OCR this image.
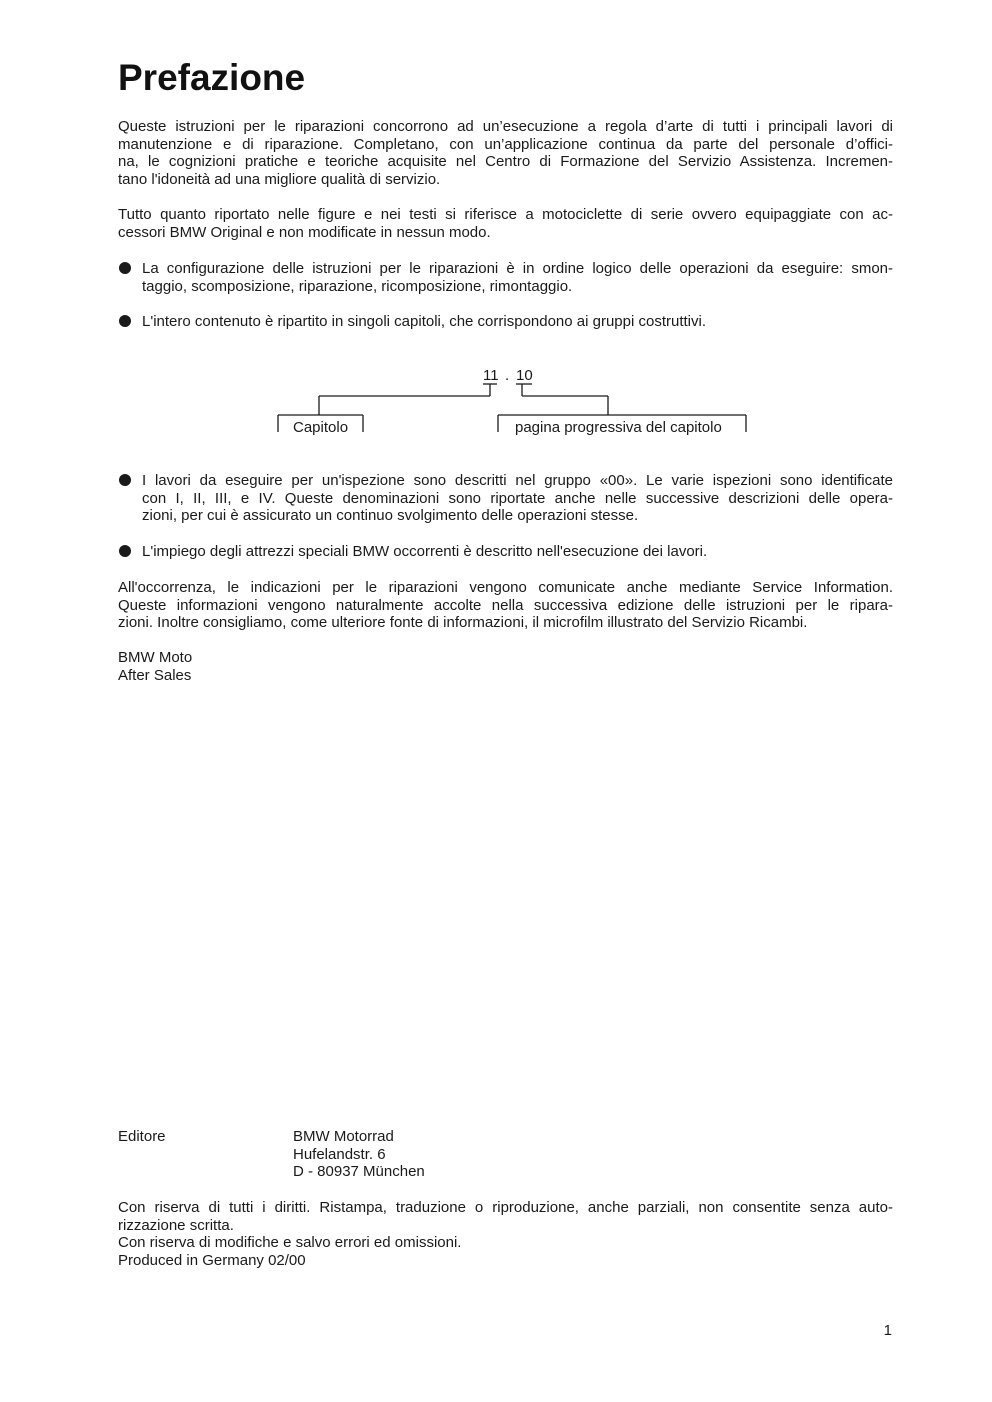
Prefazione
Queste istruzioni per le riparazioni concorrono ad un’esecuzione a regola d’arte di tutti i principali lavori di
manutenzione e di riparazione. Completano, con un’applicazione continua da parte del personale d’offici-
na, le cognizioni pratiche e teoriche acquisite nel Centro di Formazione del Servizio Assistenza. Incremen-
tano l'idoneità ad una migliore qualità di servizio.
Tutto quanto riportato nelle figure e nei testi si riferisce a motociclette di serie ovvero equipaggiate con ac-
cessori BMW Original e non modificate in nessun modo.
La configurazione delle istruzioni per le riparazioni è in ordine logico delle operazioni da eseguire: smon-
taggio, scomposizione, riparazione, ricomposizione, rimontaggio.
L'intero contenuto è ripartito in singoli capitoli, che corrispondono ai gruppi costruttivi.
11 . 10
Capitolo	pagina progressiva del capitolo
I lavori da eseguire per un'ispezione sono descritti nel gruppo «00». Le varie ispezioni sono identificate
con I, II, III, e IV. Queste denominazioni sono riportate anche nelle successive descrizioni delle opera-
zioni, per cui è assicurato un continuo svolgimento delle operazioni stesse.
L'impiego degli attrezzi speciali BMW occorrenti è descritto nell'esecuzione dei lavori.
All'occorrenza, le indicazioni per le riparazioni vengono comunicate anche mediante Service Information.
Queste informazioni vengono naturalmente accolte nella successiva edizione delle istruzioni per le ripara-
zioni. Inoltre consigliamo, come ulteriore fonte di informazioni, il microfilm illustrato del Servizio Ricambi.
BMW Moto
After Sales
Editore	BMW Motorrad
Hufelandstr. 6
D - 80937 München
Con riserva di tutti i diritti. Ristampa, traduzione o riproduzione, anche parziali, non consentite senza auto-
rizzazione scritta.
Con riserva di modifiche e salvo errori ed omissioni.
Produced in Germany 02/00
1
